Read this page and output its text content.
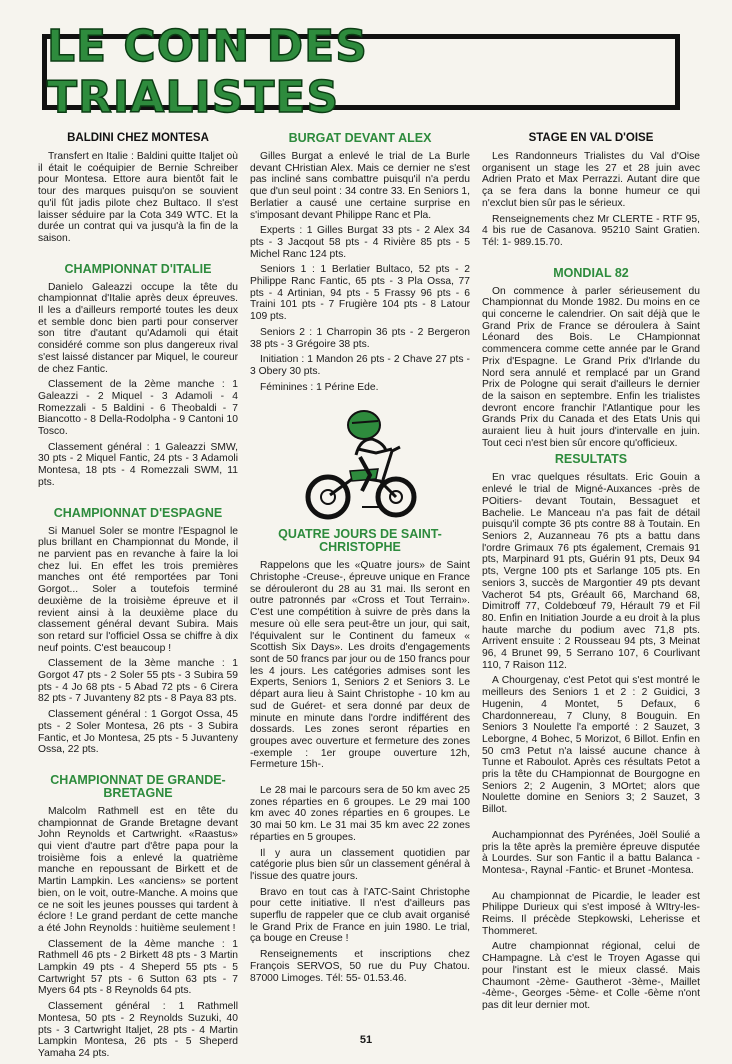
LE COIN DES TRIALISTES
BALDINI CHEZ MONTESA

Transfert en Italie : Baldini quitte Italjet où il était le coéquipier de Bernie Schreiber pour Montesa. Ettore aura bientôt fait le tour des marques puisqu'on se souvient qu'il fût jadis pilote chez Bultaco. Il s'est laisser séduire par la Cota 349 WTC. Et la durée un contrat qui va jusqu'à la fin de la saison.

CHAMPIONNAT D'ITALIE

Danielo Galeazzi occupe la tête du championnat d'Italie après deux épreuves. Il les a d'ailleurs remporté toutes les deux et semble donc bien parti pour conserver son titre d'autant qu'Adamoli qui était considéré comme son plus dangereux rival s'est laissé distancer par Miquel, le coureur de chez Fantic.

Classement de la 2ème manche : 1 Galeazzi - 2 Miquel - 3 Adamoli - 4 Romezzali - 5 Baldini - 6 Theobaldi - 7 Biancotto - 8 Della-Rodolpha - 9 Cantoni 10 Tosco.

Classement général : 1 Galeazzi SMW, 30 pts - 2 Miquel Fantic, 24 pts - 3 Adamoli Montesa, 18 pts - 4 Romezzali SWM, 11 pts.

CHAMPIONNAT D'ESPAGNE

Si Manuel Soler se montre l'Espagnol le plus brillant en Championnat du Monde, il ne parvient pas en revanche à faire la loi chez lui. En effet les trois premières manches ont été remportées par Toni Gorgot... Soler a toutefois terminé deuxième de la troisième épreuve et il revient ainsi à la deuxième place du classement général devant Subira. Mais son retard sur l'officiel Ossa se chiffre à dix neuf points. C'est beaucoup !

Classement de la 3ème manche : 1 Gorgot 47 pts - 2 Soler 55 pts - 3 Subira 59 pts - 4 Jo 68 pts - 5 Abad 72 pts - 6 Cirera 82 pts - 7 Juvanteny 82 pts - 8 Paya 83 pts.

Classement général : 1 Gorgot Ossa, 45 pts - 2 Soler Montesa, 26 pts - 3 Subira Fantic, et Jo Montesa, 25 pts - 5 Juvanteny Ossa, 22 pts.

CHAMPIONNAT DE GRANDE-BRETAGNE

Malcolm Rathmell est en tête du championnat de Grande Bretagne devant John Reynolds et Cartwright. «Raastus» qui vient d'autre part d'être papa pour la troisième fois a enlevé la quatrième manche en repoussant de Birkett et de Martin Lampkin. Les «anciens» se portent bien, on le voit, outre-Manche. A moins que ce ne soit les jeunes pousses qui tardent à éclore ! Le grand perdant de cette manche a été John Reynolds : huitième seulement !

Classement de la 4ème manche : 1 Rathmell 46 pts - 2 Birkett 48 pts - 3 Martin Lampkin 49 pts - 4 Sheperd 55 pts - 5 Cartwright 57 pts - 6 Sutton 63 pts - 7 Myers 64 pts - 8 Reynolds 64 pts.

Classement général : 1 Rathmell Montesa, 50 pts - 2 Reynolds Suzuki, 40 pts - 3 Cartwright Italjet, 28 pts - 4 Martin Lampkin Montesa, 26 pts - 5 Sheperd Yamaha 24 pts.

BURGAT DEVANT ALEX

Gilles Burgat a enlevé le trial de La Burle devant CHristian Alex. Mais ce dernier ne s'est pas incliné sans combattre puisqu'il n'a perdu que d'un seul point : 34 contre 33. En Seniors 1, Berlatier a causé une certaine surprise en s'imposant devant Philippe Ranc et Pla.

Experts : 1 Gilles Burgat 33 pts - 2 Alex 34 pts - 3 Jacqout 58 pts - 4 Rivière 85 pts - 5 Michel Ranc 124 pts.

Seniors 1 : 1 Berlatier Bultaco, 52 pts - 2 Philippe Ranc Fantic, 65 pts - 3 Pla Ossa, 77 pts - 4 Artinian, 94 pts - 5 Frassy 96 pts - 6 Traini 101 pts - 7 Frugière 104 pts - 8 Latour 109 pts.

Seniors 2 : 1 Charropin 36 pts - 2 Bergeron 38 pts - 3 Grégoire 38 pts.

Initiation : 1 Mandon 26 pts - 2 Chave 27 pts - 3 Obery 30 pts.

Féminines : 1 Périne Ede.

QUATRE JOURS DE SAINT-CHRISTOPHE

Rappelons que les «Quatre jours» de Saint Christophe -Creuse-, épreuve unique en France se dérouleront du 28 au 31 mai. Ils seront en outre patronnés par «Cross et Tout Terrain». C'est une compétition à suivre de près dans la mesure où elle sera peut-être un jour, qui sait, l'équivalent sur le Continent du fameux « Scottish Six Days». Les droits d'engagements sont de 50 francs par jour ou de 150 francs pour les 4 jours. Les catégories admises sont les Experts, Seniors 1, Seniors 2 et Seniors 3. Le départ aura lieu à Saint Christophe - 10 km au sud de Guéret- et sera donné par deux de minute en minute dans l'ordre indifférent des dossards. Les zones seront réparties en groupes avec ouverture et fermeture des zones -exemple : 1er groupe ouverture 12h, Fermeture 15h-.

Le 28 mai le parcours sera de 50 km avec 25 zones réparties en 6 groupes. Le 29 mai 100 km avec 40 zones réparties en 6 groupes. Le 30 mai 50 km. Le 31 mai 35 km avec 22 zones réparties en 5 groupes.

Il y aura un classement quotidien par catégorie plus bien sûr un classement général à l'issue des quatre jours.

Bravo en tout cas à l'ATC-Saint Christophe pour cette initiative. Il n'est d'ailleurs pas superflu de rappeler que ce club avait organisé le Grand Prix de France en juin 1980. Le trial, ça bouge en Creuse !

Renseignements et inscriptions chez François SERVOS, 50 rue du Puy Chatou. 87000 Limoges. Tél: 55- 01.53.46.

STAGE EN VAL D'OISE

Les Randonneurs Trialistes du Val d'Oise organisent un stage les 27 et 28 juin avec Adrien Prato et Max Perrazzi. Autant dire que ça se fera dans la bonne humeur ce qui n'exclut bien sûr pas le sérieux.

Renseignements chez Mr CLERTE - RTF 95, 4 bis rue de Casanova. 95210 Saint Gratien. Tél: 1- 989.15.70.

MONDIAL 82

On commence à parler sérieusement du Championnat du Monde 1982. Du moins en ce qui concerne le calendrier. On sait déjà que le Grand Prix de France se déroulera à Saint Léonard des Bois. Le CHampionnat commencera comme cette année par le Grand Prix d'Espagne. Le Grand Prix d'Irlande du Nord sera annulé et remplacé par un Grand Prix de Pologne qui serait d'ailleurs le dernier de la saison en septembre. Enfin les trialistes devront encore franchir l'Atlantique pour les Grands Prix du Canada et des Etats Unis qui auraient lieu à huit jours d'intervalle en juin. Tout ceci n'est bien sûr encore qu'officieux.

RESULTATS

En vrac quelques résultats. Eric Gouin a enlevé le trial de Migné-Auxances -près de POitiers- devant Toutain, Bessaguet et Bachelie. Le Manceau n'a pas fait de détail puisqu'il compte 36 pts contre 88 à Toutain. En Seniors 2, Auzanneau 76 pts a battu dans l'ordre Grimaux 76 pts également, Cremais 91 pts, Marpinard 91 pts, Guérin 91 pts, Deux 94 pts, Vergne 100 pts et Sarlange 105 pts. En seniors 3, succès de Margontier 49 pts devant Vacherot 54 pts, Gréault 66, Marchand 68, Dimitroff 77, Coldebœuf 79, Hérault 79 et Fil 80. Enfin en Initiation Jourde a eu droit à la plus haute marche du podium avec 71,8 pts. Arrivent ensuite : 2 Rousseau 94 pts, 3 Meinat 96, 4 Brunet 99, 5 Serrano 107, 6 Courlivant 110, 7 Raison 112.

A Chourgenay, c'est Petot qui s'est montré le meilleurs des Seniors 1 et 2 : 2 Guidici, 3 Hugenin, 4 Montet, 5 Defaux, 6 Chardonnereau, 7 Cluny, 8 Bouguin. En Seniors 3 Noulette l'a emporté : 2 Sauzet, 3 Leborgne, 4 Bohec, 5 Morizot, 6 Billot. Enfin en 50 cm3 Petut n'a laissé aucune chance à Tunne et Raboulot. Après ces résultats Petot a pris la tête du CHampionnat de Bourgogne en Seniors 2; 2 Augenin, 3 MOrtet; alors que Noulette domine en Seniors 3; 2 Sauzet, 3 Billot.

Auchampionnat des Pyrénées, Joël Soulié a pris la tête après la première épreuve disputée à Lourdes. Sur son Fantic il a battu Balanca -Montesa-, Raynal -Fantic- et Brunet -Montesa.

Au championnat de Picardie, le leader est Philippe Durieux qui s'est imposé à WItry-les-Reims. Il précède Stepkowski, Leherisse et Thommeret.

Autre championnat régional, celui de CHampagne. Là c'est le Troyen Agasse qui pour l'instant est le mieux classé. Mais Chaumont -2ème- Gautherot -3ème-, Maillet -4ème-, Georges -5ème- et Colle -6ème n'ont pas dit leur dernier mot.

51
